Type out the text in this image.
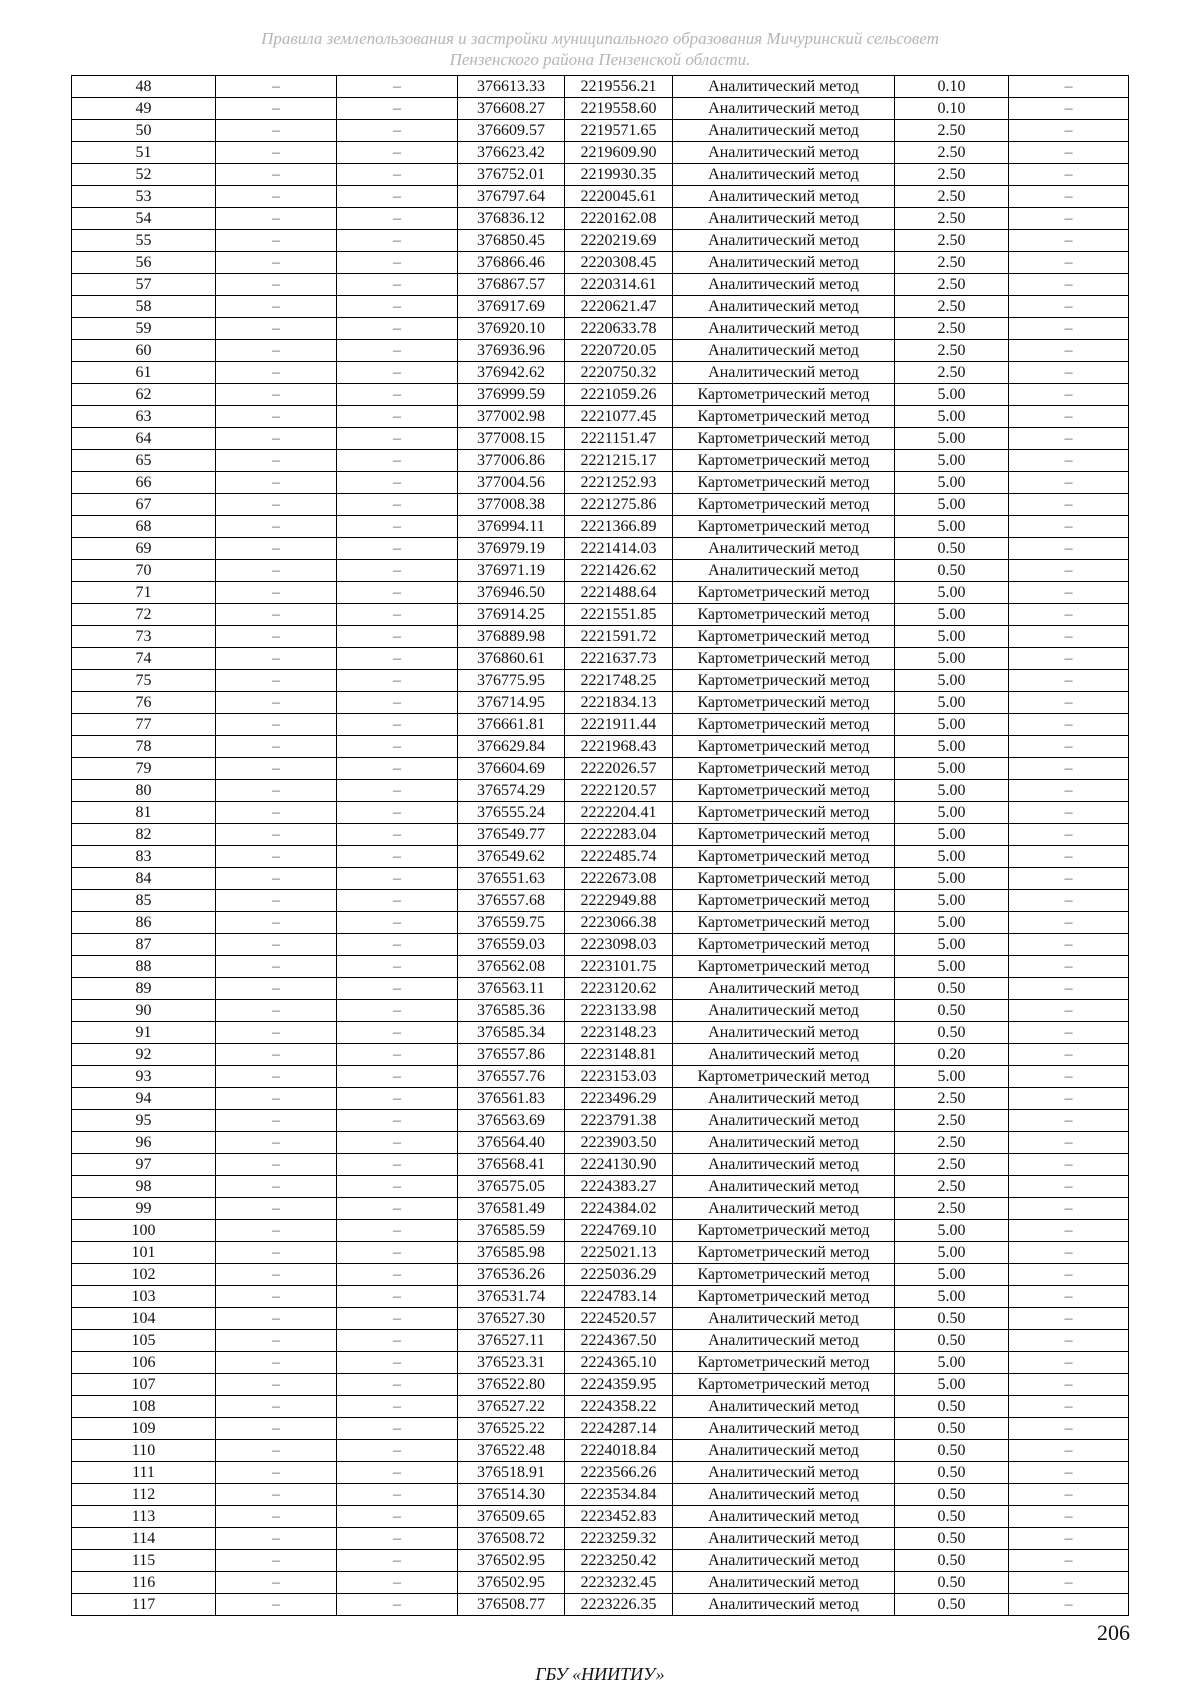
Правила землепользования и застройки муниципального образования Мичуринский сельсовет
Пензенского района Пензенской области.
48	–	–	376613.33	2219556.21	Аналитический метод	0.10	–
49	–	–	376608.27	2219558.60	Аналитический метод	0.10	–
50	–	–	376609.57	2219571.65	Аналитический метод	2.50	–
51	–	–	376623.42	2219609.90	Аналитический метод	2.50	–
52	–	–	376752.01	2219930.35	Аналитический метод	2.50	–
53	–	–	376797.64	2220045.61	Аналитический метод	2.50	–
54	–	–	376836.12	2220162.08	Аналитический метод	2.50	–
55	–	–	376850.45	2220219.69	Аналитический метод	2.50	–
56	–	–	376866.46	2220308.45	Аналитический метод	2.50	–
57	–	–	376867.57	2220314.61	Аналитический метод	2.50	–
58	–	–	376917.69	2220621.47	Аналитический метод	2.50	–
59	–	–	376920.10	2220633.78	Аналитический метод	2.50	–
60	–	–	376936.96	2220720.05	Аналитический метод	2.50	–
61	–	–	376942.62	2220750.32	Аналитический метод	2.50	–
62	–	–	376999.59	2221059.26	Картометрический метод	5.00	–
63	–	–	377002.98	2221077.45	Картометрический метод	5.00	–
64	–	–	377008.15	2221151.47	Картометрический метод	5.00	–
65	–	–	377006.86	2221215.17	Картометрический метод	5.00	–
66	–	–	377004.56	2221252.93	Картометрический метод	5.00	–
67	–	–	377008.38	2221275.86	Картометрический метод	5.00	–
68	–	–	376994.11	2221366.89	Картометрический метод	5.00	–
69	–	–	376979.19	2221414.03	Аналитический метод	0.50	–
70	–	–	376971.19	2221426.62	Аналитический метод	0.50	–
71	–	–	376946.50	2221488.64	Картометрический метод	5.00	–
72	–	–	376914.25	2221551.85	Картометрический метод	5.00	–
73	–	–	376889.98	2221591.72	Картометрический метод	5.00	–
74	–	–	376860.61	2221637.73	Картометрический метод	5.00	–
75	–	–	376775.95	2221748.25	Картометрический метод	5.00	–
76	–	–	376714.95	2221834.13	Картометрический метод	5.00	–
77	–	–	376661.81	2221911.44	Картометрический метод	5.00	–
78	–	–	376629.84	2221968.43	Картометрический метод	5.00	–
79	–	–	376604.69	2222026.57	Картометрический метод	5.00	–
80	–	–	376574.29	2222120.57	Картометрический метод	5.00	–
81	–	–	376555.24	2222204.41	Картометрический метод	5.00	–
82	–	–	376549.77	2222283.04	Картометрический метод	5.00	–
83	–	–	376549.62	2222485.74	Картометрический метод	5.00	–
84	–	–	376551.63	2222673.08	Картометрический метод	5.00	–
85	–	–	376557.68	2222949.88	Картометрический метод	5.00	–
86	–	–	376559.75	2223066.38	Картометрический метод	5.00	–
87	–	–	376559.03	2223098.03	Картометрический метод	5.00	–
88	–	–	376562.08	2223101.75	Картометрический метод	5.00	–
89	–	–	376563.11	2223120.62	Аналитический метод	0.50	–
90	–	–	376585.36	2223133.98	Аналитический метод	0.50	–
91	–	–	376585.34	2223148.23	Аналитический метод	0.50	–
92	–	–	376557.86	2223148.81	Аналитический метод	0.20	–
93	–	–	376557.76	2223153.03	Картометрический метод	5.00	–
94	–	–	376561.83	2223496.29	Аналитический метод	2.50	–
95	–	–	376563.69	2223791.38	Аналитический метод	2.50	–
96	–	–	376564.40	2223903.50	Аналитический метод	2.50	–
97	–	–	376568.41	2224130.90	Аналитический метод	2.50	–
98	–	–	376575.05	2224383.27	Аналитический метод	2.50	–
99	–	–	376581.49	2224384.02	Аналитический метод	2.50	–
100	–	–	376585.59	2224769.10	Картометрический метод	5.00	–
101	–	–	376585.98	2225021.13	Картометрический метод	5.00	–
102	–	–	376536.26	2225036.29	Картометрический метод	5.00	–
103	–	–	376531.74	2224783.14	Картометрический метод	5.00	–
104	–	–	376527.30	2224520.57	Аналитический метод	0.50	–
105	–	–	376527.11	2224367.50	Аналитический метод	0.50	–
106	–	–	376523.31	2224365.10	Картометрический метод	5.00	–
107	–	–	376522.80	2224359.95	Картометрический метод	5.00	–
108	–	–	376527.22	2224358.22	Аналитический метод	0.50	–
109	–	–	376525.22	2224287.14	Аналитический метод	0.50	–
110	–	–	376522.48	2224018.84	Аналитический метод	0.50	–
111	–	–	376518.91	2223566.26	Аналитический метод	0.50	–
112	–	–	376514.30	2223534.84	Аналитический метод	0.50	–
113	–	–	376509.65	2223452.83	Аналитический метод	0.50	–
114	–	–	376508.72	2223259.32	Аналитический метод	0.50	–
115	–	–	376502.95	2223250.42	Аналитический метод	0.50	–
116	–	–	376502.95	2223232.45	Аналитический метод	0.50	–
117	–	–	376508.77	2223226.35	Аналитический метод	0.50	–
206
ГБУ «НИИТИУ»
